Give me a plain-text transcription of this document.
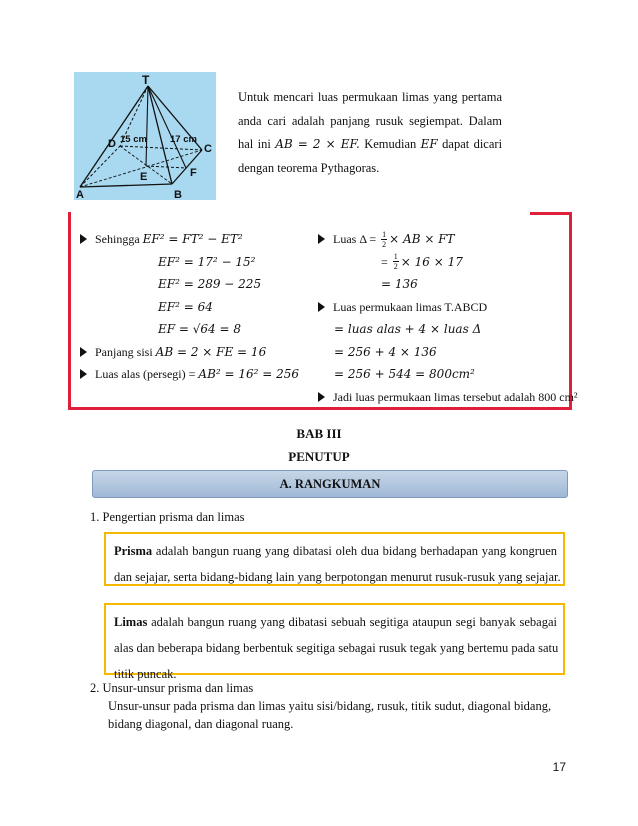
T
D	C
E	F
A	B
15 cm 17 cm
Untuk mencari luas permukaan limas yang pertama
anda cari adalah panjang rusuk segiempat. Dalam
hal ini AB = 2 × EF. Kemudian EF dapat dicari
dengan teorema Pythagoras.
Sehingga
EF² = FT² − ET²
EF² = 17² − 15²
EF² = 289 − 225
EF² = 64
EF = √64 = 8
Panjang sisi
AB = 2 × FE = 16
Luas alas (persegi) =
AB² = 16² = 256
Luas Δ =
$\frac{1}{2}$ × AB × FT
= $\frac{1}{2} \times 16 \times 17$
= 136
Luas permukaan limas T.ABCD
= luas alas + 4 × luas Δ
= 256 + 4 × 136
= 256 + 544 = 800cm²
Jadi luas permukaan limas tersebut adalah 800 cm²
BAB III
PENUTUP
A. RANGKUMAN
1. Pengertian prisma dan limas
Prisma adalah bangun ruang yang dibatasi oleh dua bidang berhadapan yang kongruen
dan sejajar, serta bidang-bidang lain yang berpotongan menurut rusuk-rusuk yang sejajar.
Limas adalah bangun ruang yang dibatasi sebuah segitiga ataupun segi banyak sebagai
alas dan beberapa bidang berbentuk segitiga sebagai rusuk tegak yang bertemu pada satu
titik puncak.
2. Unsur-unsur prisma dan limas
Unsur-unsur pada prisma dan limas yaitu sisi/bidang, rusuk, titik sudut, diagonal bidang,
bidang diagonal, dan diagonal ruang.
17
